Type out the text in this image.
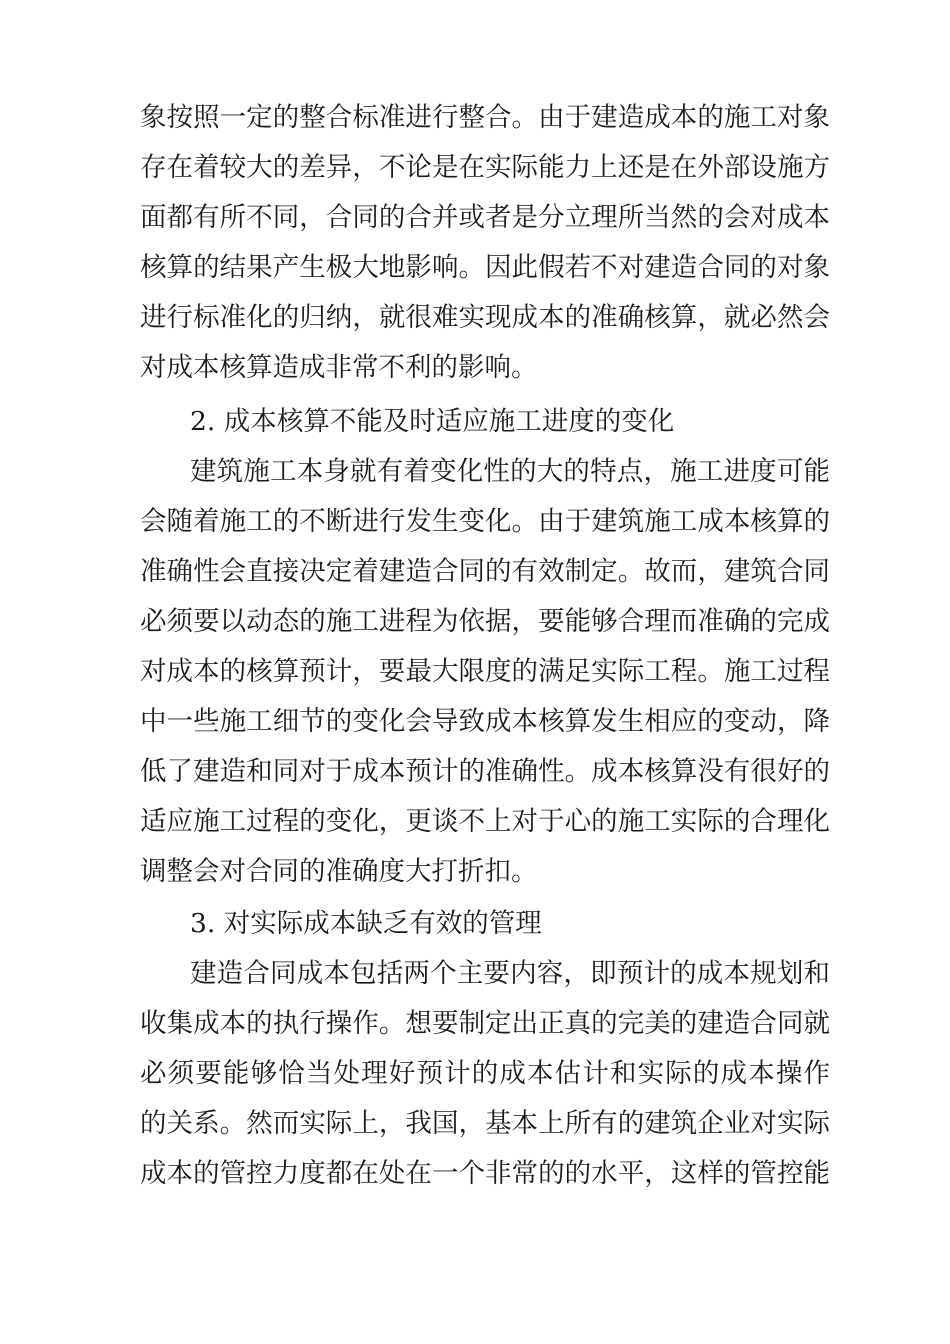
象按照一定的整合标准进行整合。由于建造成本的施工对象
存在着较大的差异，不论是在实际能力上还是在外部设施方
面都有所不同，合同的合并或者是分立理所当然的会对成本
核算的结果产生极大地影响。因此假若不对建造合同的对象
进行标准化的归纳，就很难实现成本的准确核算，就必然会
对成本核算造成非常不利的影响。
2. 成本核算不能及时适应施工进度的变化
建筑施工本身就有着变化性的大的特点，施工进度可能
会随着施工的不断进行发生变化。由于建筑施工成本核算的
准确性会直接决定着建造合同的有效制定。故而，建筑合同
必须要以动态的施工进程为依据，要能够合理而准确的完成
对成本的核算预计，要最大限度的满足实际工程。施工过程
中一些施工细节的变化会导致成本核算发生相应的变动，降
低了建造和同对于成本预计的准确性。成本核算没有很好的
适应施工过程的变化，更谈不上对于心的施工实际的合理化
调整会对合同的准确度大打折扣。
3. 对实际成本缺乏有效的管理
建造合同成本包括两个主要内容，即预计的成本规划和
收集成本的执行操作。想要制定出正真的完美的建造合同就
必须要能够恰当处理好预计的成本估计和实际的成本操作
的关系。然而实际上，我国，基本上所有的建筑企业对实际
成本的管控力度都在处在一个非常的的水平，这样的管控能
